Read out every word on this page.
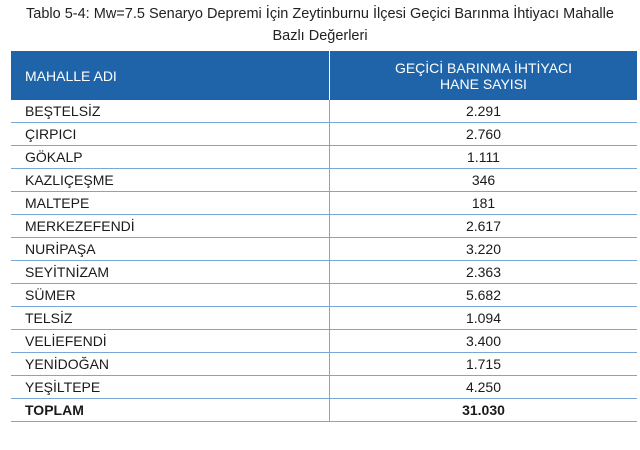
Tablo 5-4: Mw=7.5 Senaryo Depremi İçin Zeytinburnu İlçesi Geçici Barınma İhtiyacı Mahalle
Bazlı Değerleri
MAHALLE ADI	GEÇİCİ BARINMA İHTİYACI
HANE SAYISI

BEŞTELSİZ	2.291
ÇIRPICI	2.760
GÖKALP	1.111
KAZLIÇEŞME	346
MALTEPE	181
MERKEZEFENDİ	2.617
NURİPAŞA	3.220
SEYİTNİZAM	2.363
SÜMER	5.682
TELSİZ	1.094
VELİEFENDİ	3.400
YENİDOĞAN	1.715
YEŞİLTEPE	4.250
TOPLAM	31.030
